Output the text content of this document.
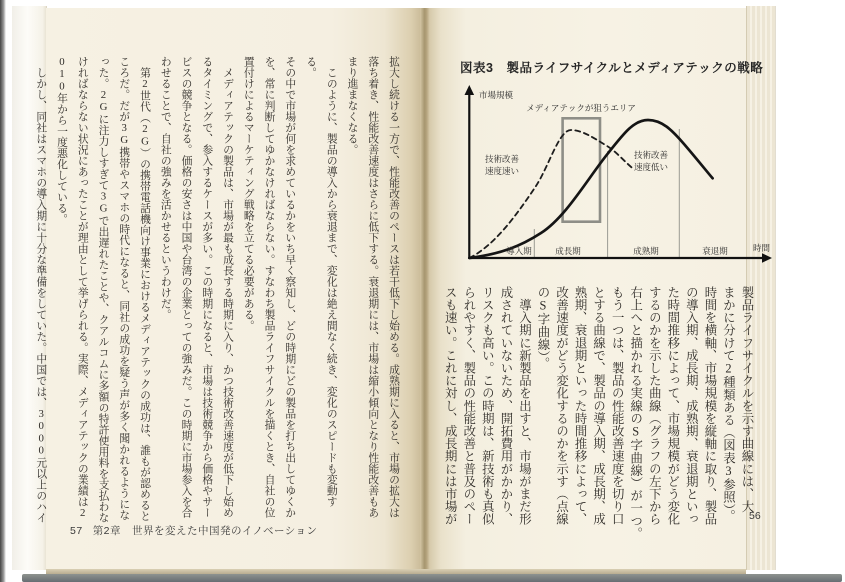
拡大し続ける一方で、性能改善のペースは若干低下し始める。成熟期に入ると、市場の拡大は
落ち着き、性能改善速度はさらに低下する。衰退期には、市場は縮小傾向となり性能改善もあ
まり進まなくなる。
　このように、製品の導入から衰退まで、変化は絶え間なく続き、変化のスピードも変動する。
その中で市場が何を求めているかをいち早く察知し、どの時期にどの製品を打ち出してゆくか
を、常に判断してゆかなければならない。すなわち製品ライフサイクルを描くとき、自社の位
置付けによるマーケティング戦略を立てる必要がある。
　メディアテックの製品は、市場が最も成長する時期に入り、かつ技術改善速度が低下し始め
るタイミングで、参入するケースが多い。この時期になると、市場は技術競争から価格やサー
ビスの競争となる。価格の安さは中国や台湾の企業とっての強みだ。この時期に市場参入を合
わせることで、自社の強みを活かせるというわけだ。
　第2世代（2G）の携帯電話機向け事業におけるメディアテックの成功は、誰もが認めると
ころだ。だが3G携帯やスマホの時代になると、同社の成功を疑う声が多く聞かれるようにな
った。2Gに注力しすぎて3Gで出遅れたことや、クアルコムに多額の特許使用料を支払わな
ければならない状況にあったことが理由として挙げられる。実際、メディアテックの業績は2
010年から一度悪化している。
　しかし、同社はスマホの導入期に十分な準備をしていた。中国では、3000元以上のハイ
57 第2章　世界を変えた中国発のイノベーション
図表3　製品ライフサイクルとメディアテックの戦略
市場規模
時間
メディアテックが狙うエリア
技術改善
速度速い
技術改善
速度低い
導入期	成長期	成熟期	衰退期
製品ライフサイクルを示す曲線には、大
まかに分けて2種類ある（図表3参照）。
時間を横軸、市場規模を縦軸に取り、製品
の導入期、成長期、成熟期、衰退期といっ
た時間推移によって、市場規模がどう変化
するのかを示した曲線（グラフの左下から
右上へと描かれる実線のS字曲線）が一つ。
もう一つは、製品の性能改善速度を切り口
とする曲線で、製品の導入期、成長期、成
熟期、衰退期といった時間推移によって、
改善速度がどう変化するのかを示す（点線
のS字曲線）。
　導入期に新製品を出すと、市場がまだ形
成されていないため、開拓費用がかかり、
リスクも高い。この時期は、新技術も真似
られやすく、製品の性能改善と普及のペー
スも速い。これに対し、成長期には市場が	56
